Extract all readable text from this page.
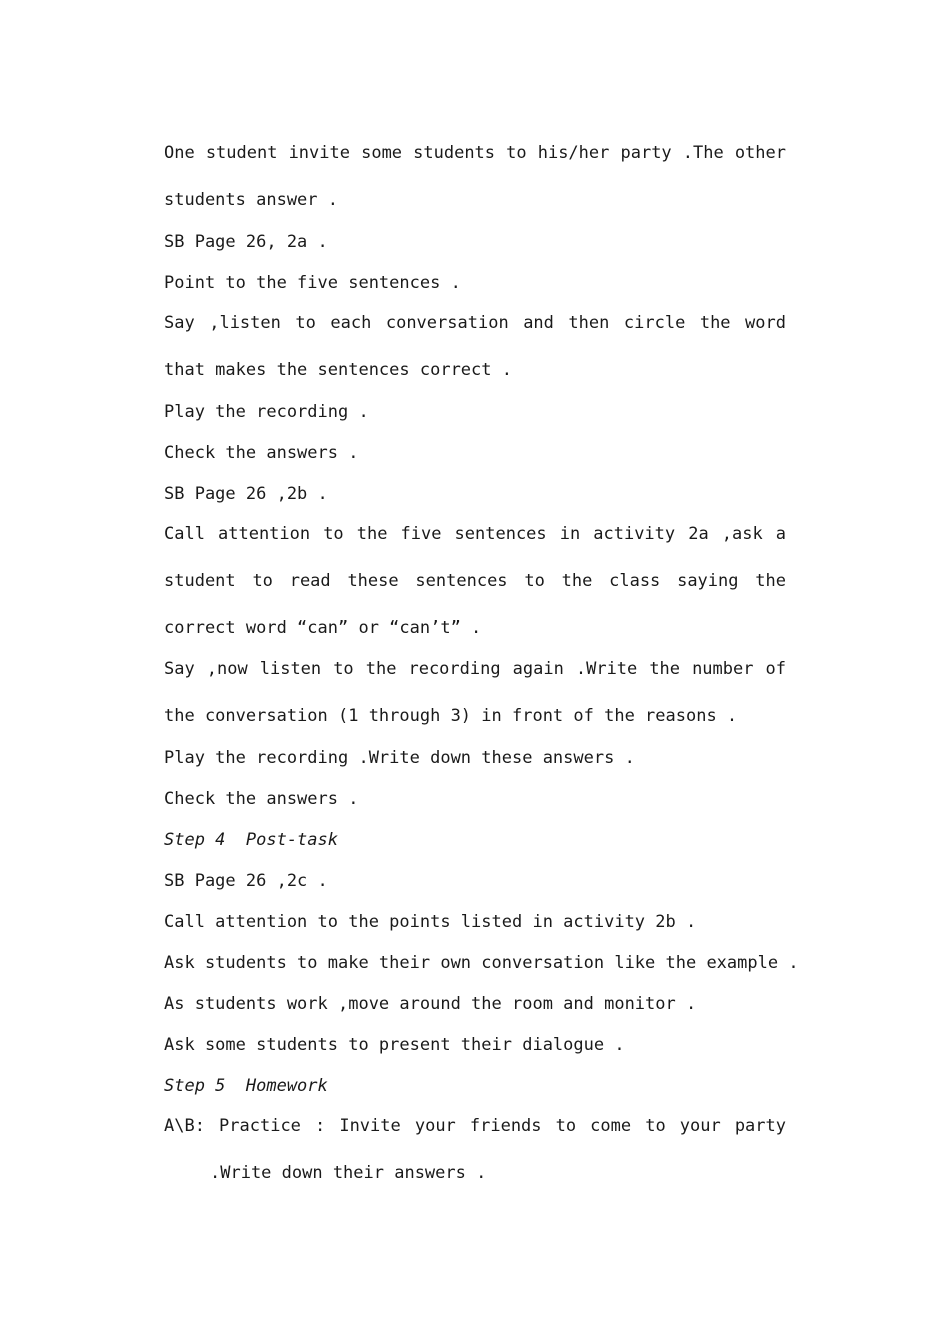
One student invite some students to his/her party .The other students answer .
SB Page 26, 2a .
Point to the five sentences .
Say ,listen to each conversation and then circle the word that makes the sentences correct .
Play the recording .
Check the answers .
SB Page 26 ,2b .
Call attention to the five sentences in activity 2a ,ask a student to read these sentences to the class saying the correct word “can” or “can’t” .
Say ,now listen to the recording again .Write the number of the conversation (1 through 3) in front of the reasons .
Play the recording .Write down these answers .
Check the answers .
Step 4  Post-task
SB Page 26 ,2c .
Call attention to the points listed in activity 2b .
Ask students to make their own conversation like the example .
As students work ,move around the room and monitor .
Ask some students to present their dialogue .
Step 5  Homework
A\B: Practice : Invite your friends to come to your party .Write down their answers .
